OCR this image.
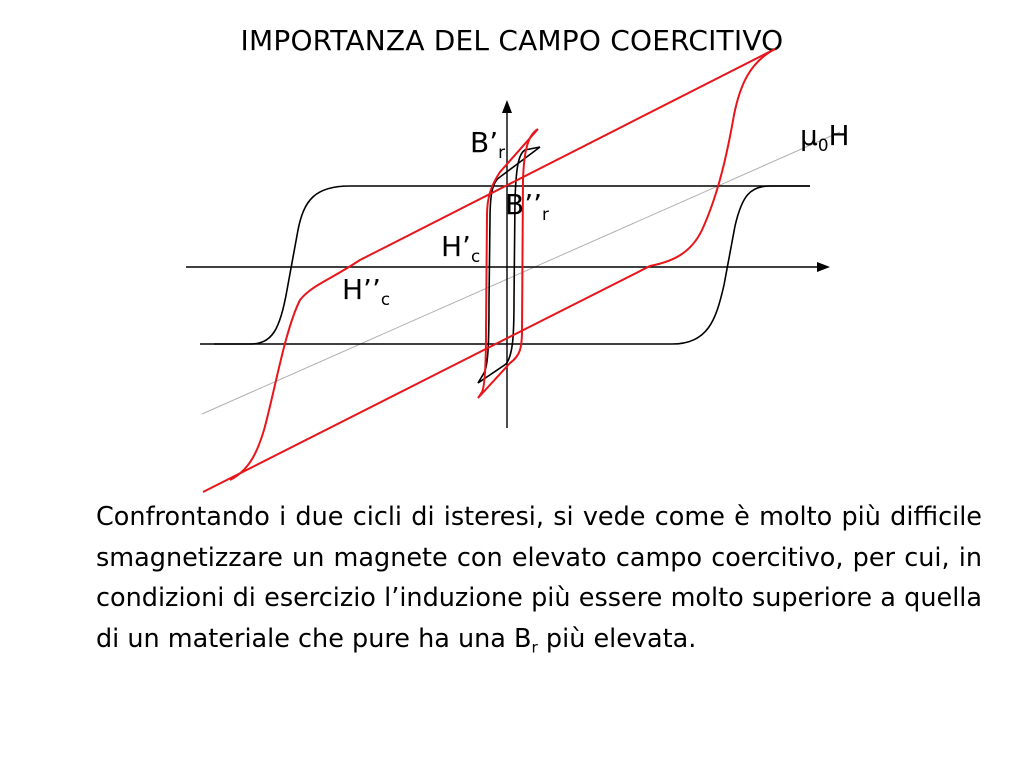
IMPORTANZA DEL CAMPO COERCITIVO
$B’_r$	$\mu_0H$
$B’’_r$
$H’_c$
$H’’_c$
Confrontando i due cicli di isteresi, si vede come è molto più difficile smagnetizzare un magnete con elevato campo coercitivo, per cui, in condizioni di esercizio l’induzione più essere molto superiore a quella di un materiale che pure ha una $B_r$ più elevata.
